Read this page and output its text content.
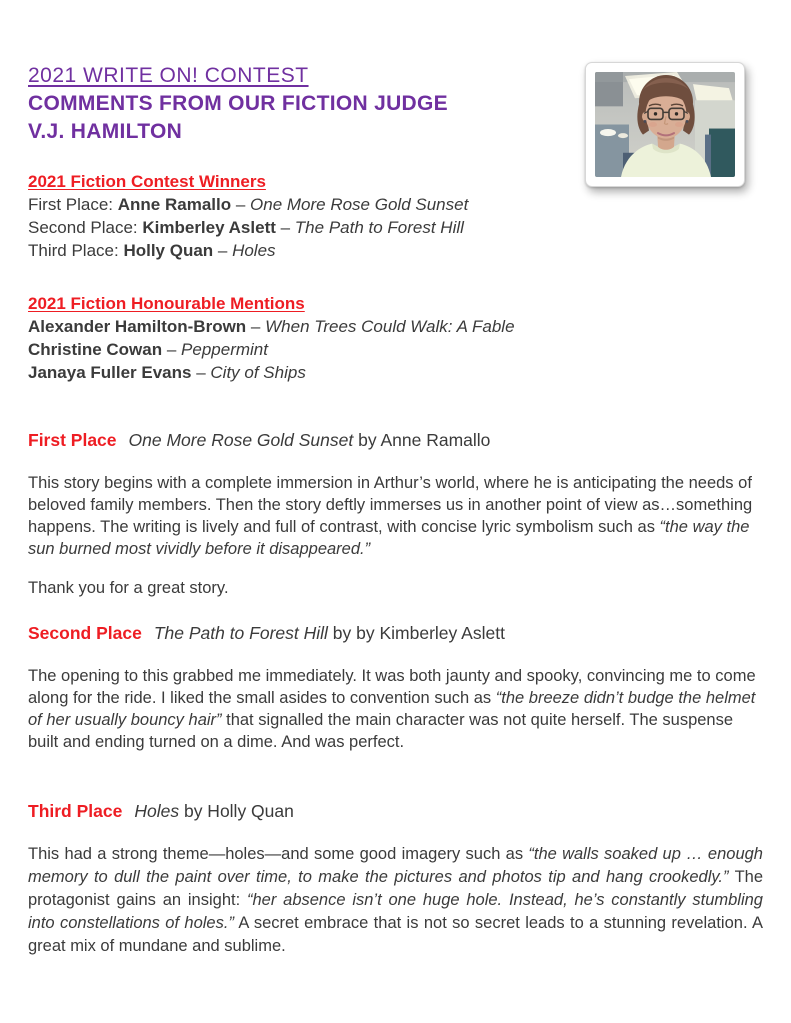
2021 WRITE ON! CONTEST
COMMENTS FROM OUR FICTION JUDGE
V.J. HAMILTON
2021 Fiction Contest Winners
First Place: Anne Ramallo – One More Rose Gold Sunset
Second Place: Kimberley Aslett – The Path to Forest Hill
Third Place: Holly Quan – Holes
2021 Fiction Honourable Mentions
Alexander Hamilton-Brown – When Trees Could Walk: A Fable
Christine Cowan – Peppermint
Janaya Fuller Evans – City of Ships
First Place One More Rose Gold Sunset by Anne Ramallo

This story begins with a complete immersion in Arthur’s world, where he is anticipating the needs of beloved family members. Then the story deftly immerses us in another point of view as…something happens. The writing is lively and full of contrast, with concise lyric symbolism such as “the way the sun burned most vividly before it disappeared.”

Thank you for a great story.

Second Place The Path to Forest Hill by by Kimberley Aslett

The opening to this grabbed me immediately. It was both jaunty and spooky, convincing me to come along for the ride. I liked the small asides to convention such as “the breeze didn’t budge the helmet of her usually bouncy hair” that signalled the main character was not quite herself. The suspense built and ending turned on a dime. And was perfect.

Third Place Holes by Holly Quan

This had a strong theme—holes—and some good imagery such as “the walls soaked up … enough memory to dull the paint over time, to make the pictures and photos tip and hang crookedly.” The protagonist gains an insight: “her absence isn’t one huge hole. Instead, he’s constantly stumbling into constellations of holes.” A secret embrace that is not so secret leads to a stunning revelation. A great mix of mundane and sublime.
